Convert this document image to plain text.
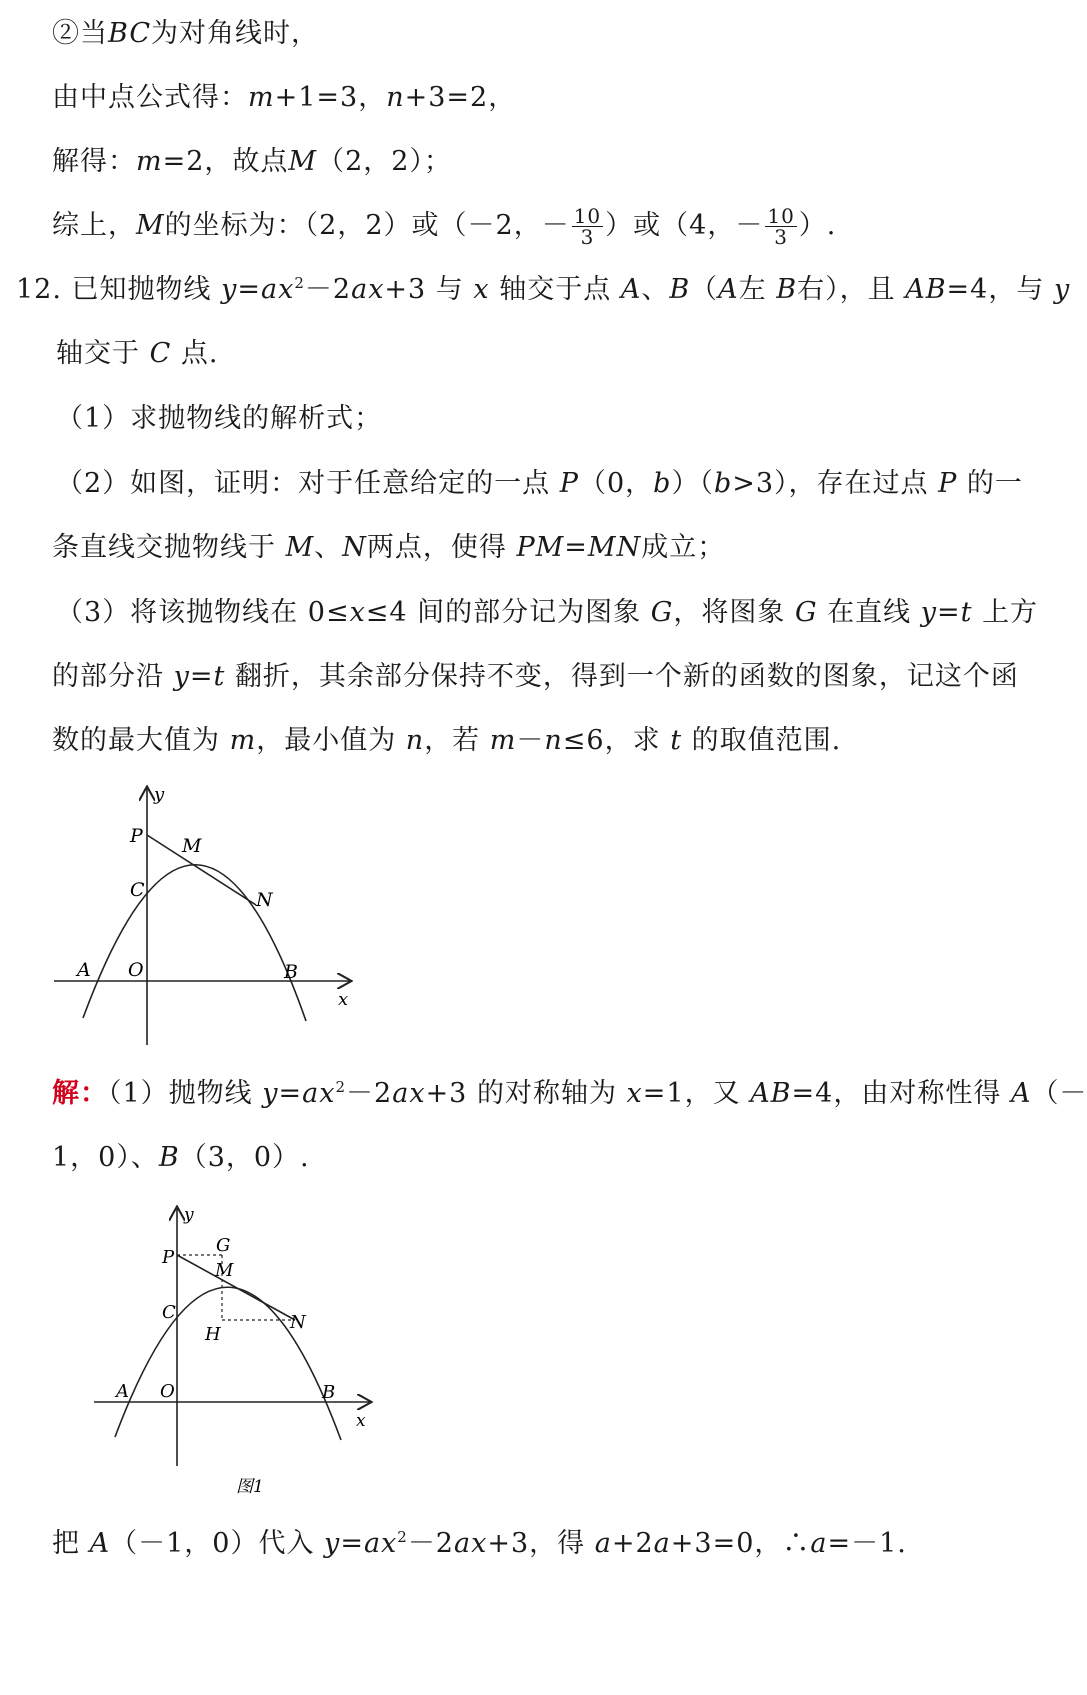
②当BC为对角线时，
由中点公式得：m+1=3，n+3=2，
解得：m=2，故点M（2，2）；
综上，M的坐标为：（2，2）或（－2，－ $\frac{10}{3}$ ）或（4，－ $\frac{10}{3}$ ）.
12. 已知抛物线 $y=ax^2-2ax+3$ 与 x 轴交于点 A、B（A左 B右），且 AB=4，与 y
轴交于 C 点.
（1）求抛物线的解析式；
（2）如图，证明：对于任意给定的一点 P（0，b）（b>3），存在过点 P 的一
条直线交抛物线于 M、N两点，使得 PM=MN成立；
（3）将该抛物线在 0≤x≤4 间的部分记为图象 G，将图象 G 在直线 y=t 上方
的部分沿 y=t 翻折，其余部分保持不变，得到一个新的函数的图象，记这个函
数的最大值为 m，最小值为 n，若 m－n≤6，求 t 的取值范围.
y
x
P M
C	N
A O	B
解：（1）抛物线 $y=ax^2-2ax+3$ 的对称轴为 x=1，又 AB=4，由对称性得 A（－
1，0）、B（3，0）.
y
x
P
G
M
C
H
N
A O	B
图1
把 A（－1，0）代入 $y=ax^2-2ax+3$，得 a+2a+3=0，∴a=－1.
